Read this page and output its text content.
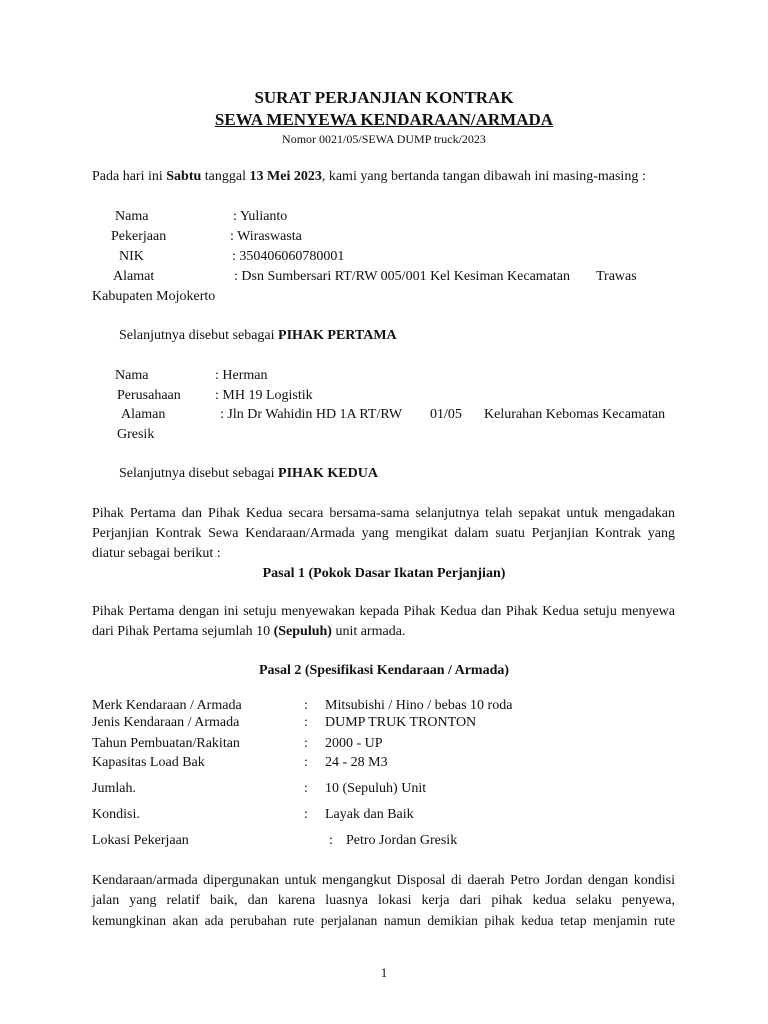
SURAT PERJANJIAN KONTRAK
SEWA MENYEWA KENDARAAN/ARMADA
Nomor 0021/05/SEWA DUMP truck/2023
Pada hari ini Sabtu tanggal 13 Mei 2023, kami yang bertanda tangan dibawah ini masing-masing :
Nama	: Yulianto
Pekerjaan	: Wiraswasta
NIK	: 350406060780001
Alamat	: Dsn Sumbersari RT/RW 005/001 Kel Kesiman Kecamatan Trawas
Kabupaten Mojokerto
Selanjutnya disebut sebagai PIHAK PERTAMA
Nama	: Herman
Perusahaan : MH 19 Logistik
Alaman	: Jln Dr Wahidin HD 1A RT/RW 01/05 Kelurahan Kebomas Kecamatan
Gresik
Selanjutnya disebut sebagai PIHAK KEDUA
Pihak Pertama dan Pihak Kedua secara bersama-sama selanjutnya telah sepakat untuk mengadakan
Perjanjian Kontrak Sewa Kendaraan/Armada yang mengikat dalam suatu Perjanjian Kontrak yang
diatur sebagai berikut :
Pasal 1 (Pokok Dasar Ikatan Perjanjian)
Pihak Pertama dengan ini setuju menyewakan kepada Pihak Kedua dan Pihak Kedua setuju menyewa
dari Pihak Pertama sejumlah 10 (Sepuluh) unit armada.
Pasal 2 (Spesifikasi Kendaraan / Armada)
Merk Kendaraan / Armada	: Mitsubishi / Hino / bebas 10 roda
Jenis Kendaraan / Armada	: DUMP TRUK TRONTON
Tahun Pembuatan/Rakitan	: 2000 - UP
Kapasitas Load Bak	: 24 - 28 M3
Jumlah.	: 10 (Sepuluh) Unit
Kondisi.	: Layak dan Baik
Lokasi Pekerjaan	: Petro Jordan Gresik
Kendaraan/armada dipergunakan untuk mengangkut Disposal di daerah Petro Jordan dengan kondisi
jalan yang relatif baik, dan karena luasnya lokasi kerja dari pihak kedua selaku penyewa,
kemungkinan akan ada perubahan rute perjalanan namun demikian pihak kedua tetap menjamin rute
1
